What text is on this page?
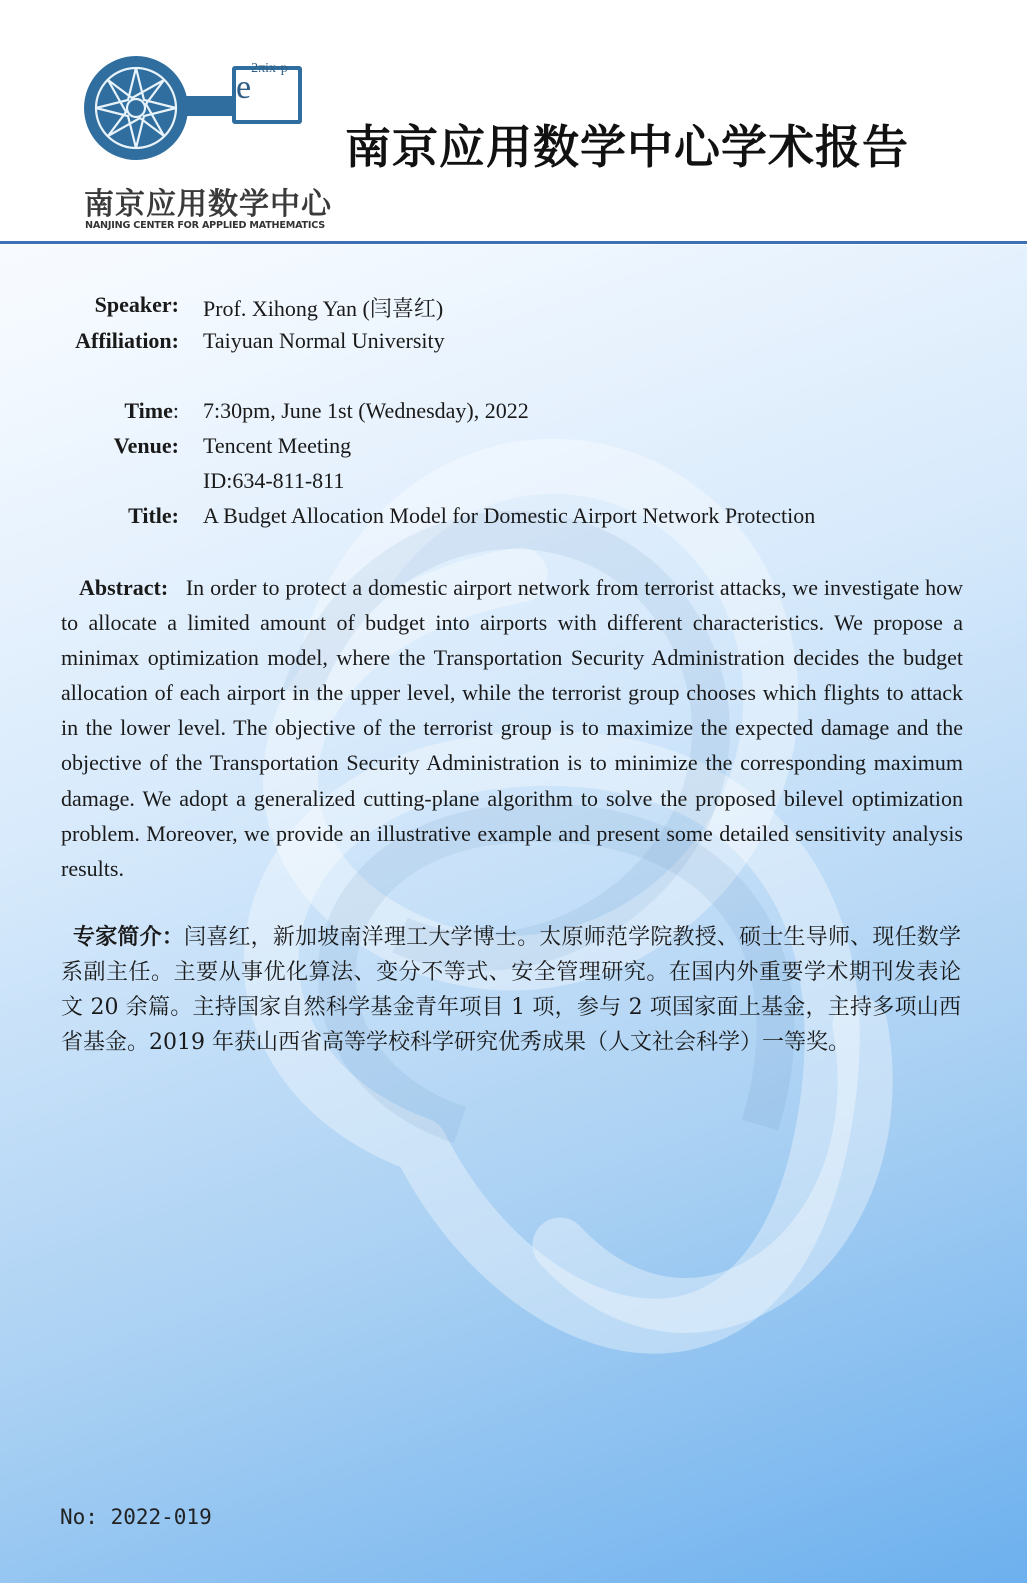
$e^{2\pi ix\cdot p}$
南京应用数学中心
NANJING CENTER FOR APPLIED MATHEMATICS
南京应用数学中心学术报告
Speaker: Prof. Xihong Yan (闫喜红)
Affiliation: Taiyuan Normal University
Time: 7:30pm, June 1st (Wednesday), 2022
Venue: Tencent Meeting
ID:634-811-811
Title: A Budget Allocation Model for Domestic Airport Network Protection
Abstract: In order to protect a domestic airport network from terrorist attacks, we investigate how to allocate a limited amount of budget into airports with different characteristics. We propose a minimax optimization model, where the Transportation Security Administration decides the budget allocation of each airport in the upper level, while the terrorist group chooses which flights to attack in the lower level. The objective of the terrorist group is to maximize the expected damage and the objective of the Transportation Security Administration is to minimize the corresponding maximum damage. We adopt a generalized cutting-plane algorithm to solve the proposed bilevel optimization problem. Moreover, we provide an illustrative example and present some detailed sensitivity analysis results.
专家简介：闫喜红，新加坡南洋理工大学博士。太原师范学院教授、硕士生导师、现任数学系副主任。主要从事优化算法、变分不等式、安全管理研究。在国内外重要学术期刊发表论文 20 余篇。主持国家自然科学基金青年项目 1 项，参与 2 项国家面上基金，主持多项山西省基金。2019 年获山西省高等学校科学研究优秀成果（人文社会科学）一等奖。
No: 2022-019
